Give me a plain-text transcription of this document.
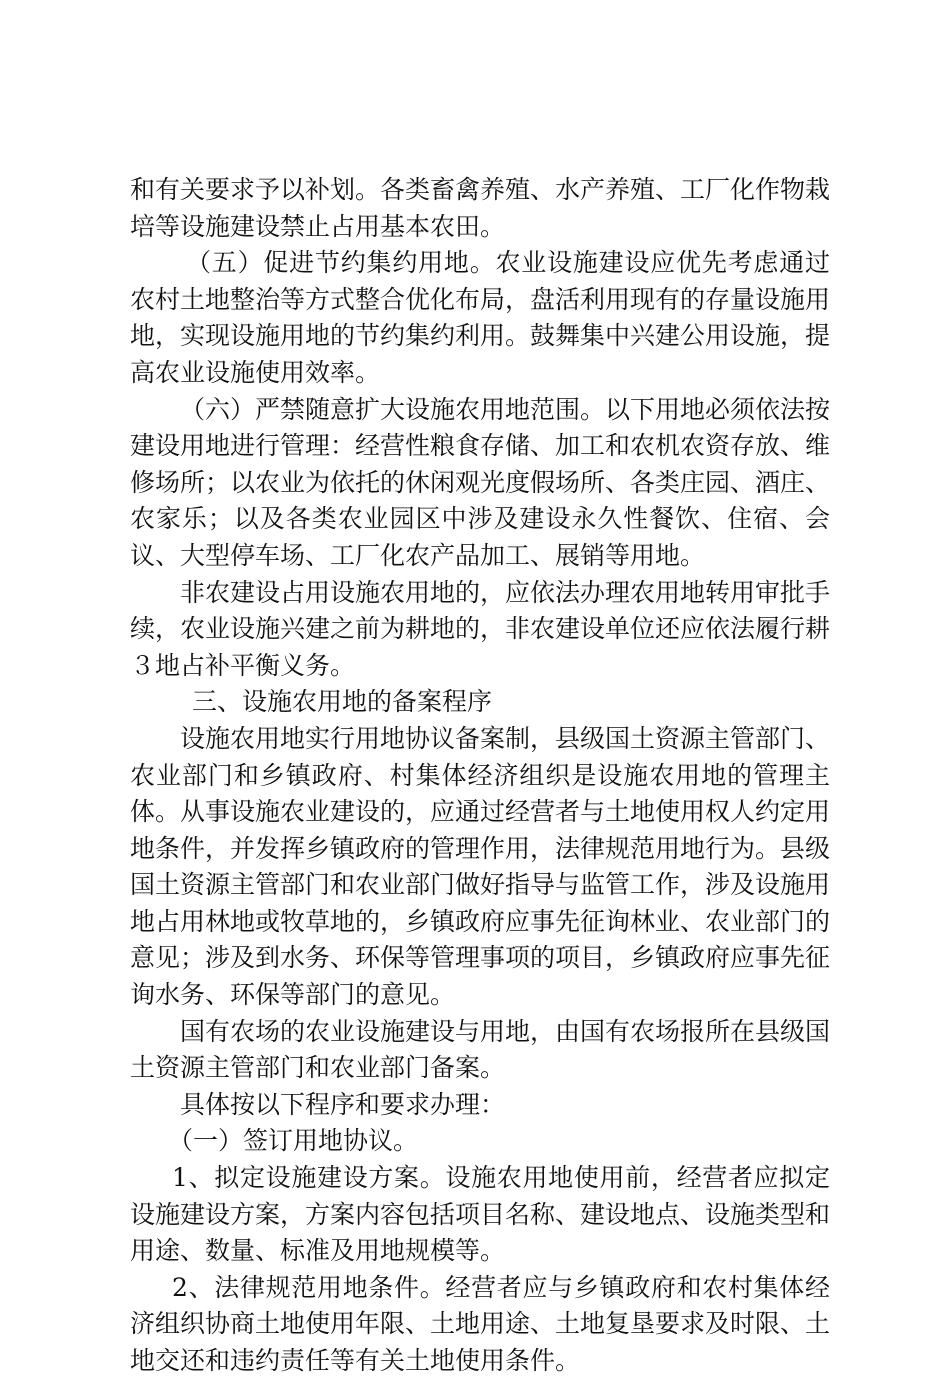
和有关要求予以补划。各类畜禽养殖、水产养殖、工厂化作物栽培等设施建设禁止占用基本农田。

（五）促进节约集约用地。农业设施建设应优先考虑通过农村土地整治等方式整合优化布局，盘活利用现有的存量设施用地，实现设施用地的节约集约利用。鼓舞集中兴建公用设施，提高农业设施使用效率。

（六）严禁随意扩大设施农用地范围。以下用地必须依法按建设用地进行管理：经营性粮食存储、加工和农机农资存放、维修场所；以农业为依托的休闲观光度假场所、各类庄园、酒庄、农家乐；以及各类农业园区中涉及建设永久性餐饮、住宿、会议、大型停车场、工厂化农产品加工、展销等用地。

非农建设占用设施农用地的，应依法办理农用地转用审批手续，农业设施兴建之前为耕地的，非农建设单位还应依法履行耕３地占补平衡义务。

三、设施农用地的备案程序

设施农用地实行用地协议备案制，县级国土资源主管部门、农业部门和乡镇政府、村集体经济组织是设施农用地的管理主体。从事设施农业建设的，应通过经营者与土地使用权人约定用地条件，并发挥乡镇政府的管理作用，法律规范用地行为。县级国土资源主管部门和农业部门做好指导与监管工作，涉及设施用地占用林地或牧草地的，乡镇政府应事先征询林业、农业部门的意见；涉及到水务、环保等管理事项的项目，乡镇政府应事先征询水务、环保等部门的意见。

国有农场的农业设施建设与用地，由国有农场报所在县级国土资源主管部门和农业部门备案。

具体按以下程序和要求办理：

（一）签订用地协议。

1、拟定设施建设方案。设施农用地使用前，经营者应拟定设施建设方案，方案内容包括项目名称、建设地点、设施类型和用途、数量、标准及用地规模等。

2、法律规范用地条件。经营者应与乡镇政府和农村集体经济组织协商土地使用年限、土地用途、土地复垦要求及时限、土地交还和违约责任等有关土地使用条件。
